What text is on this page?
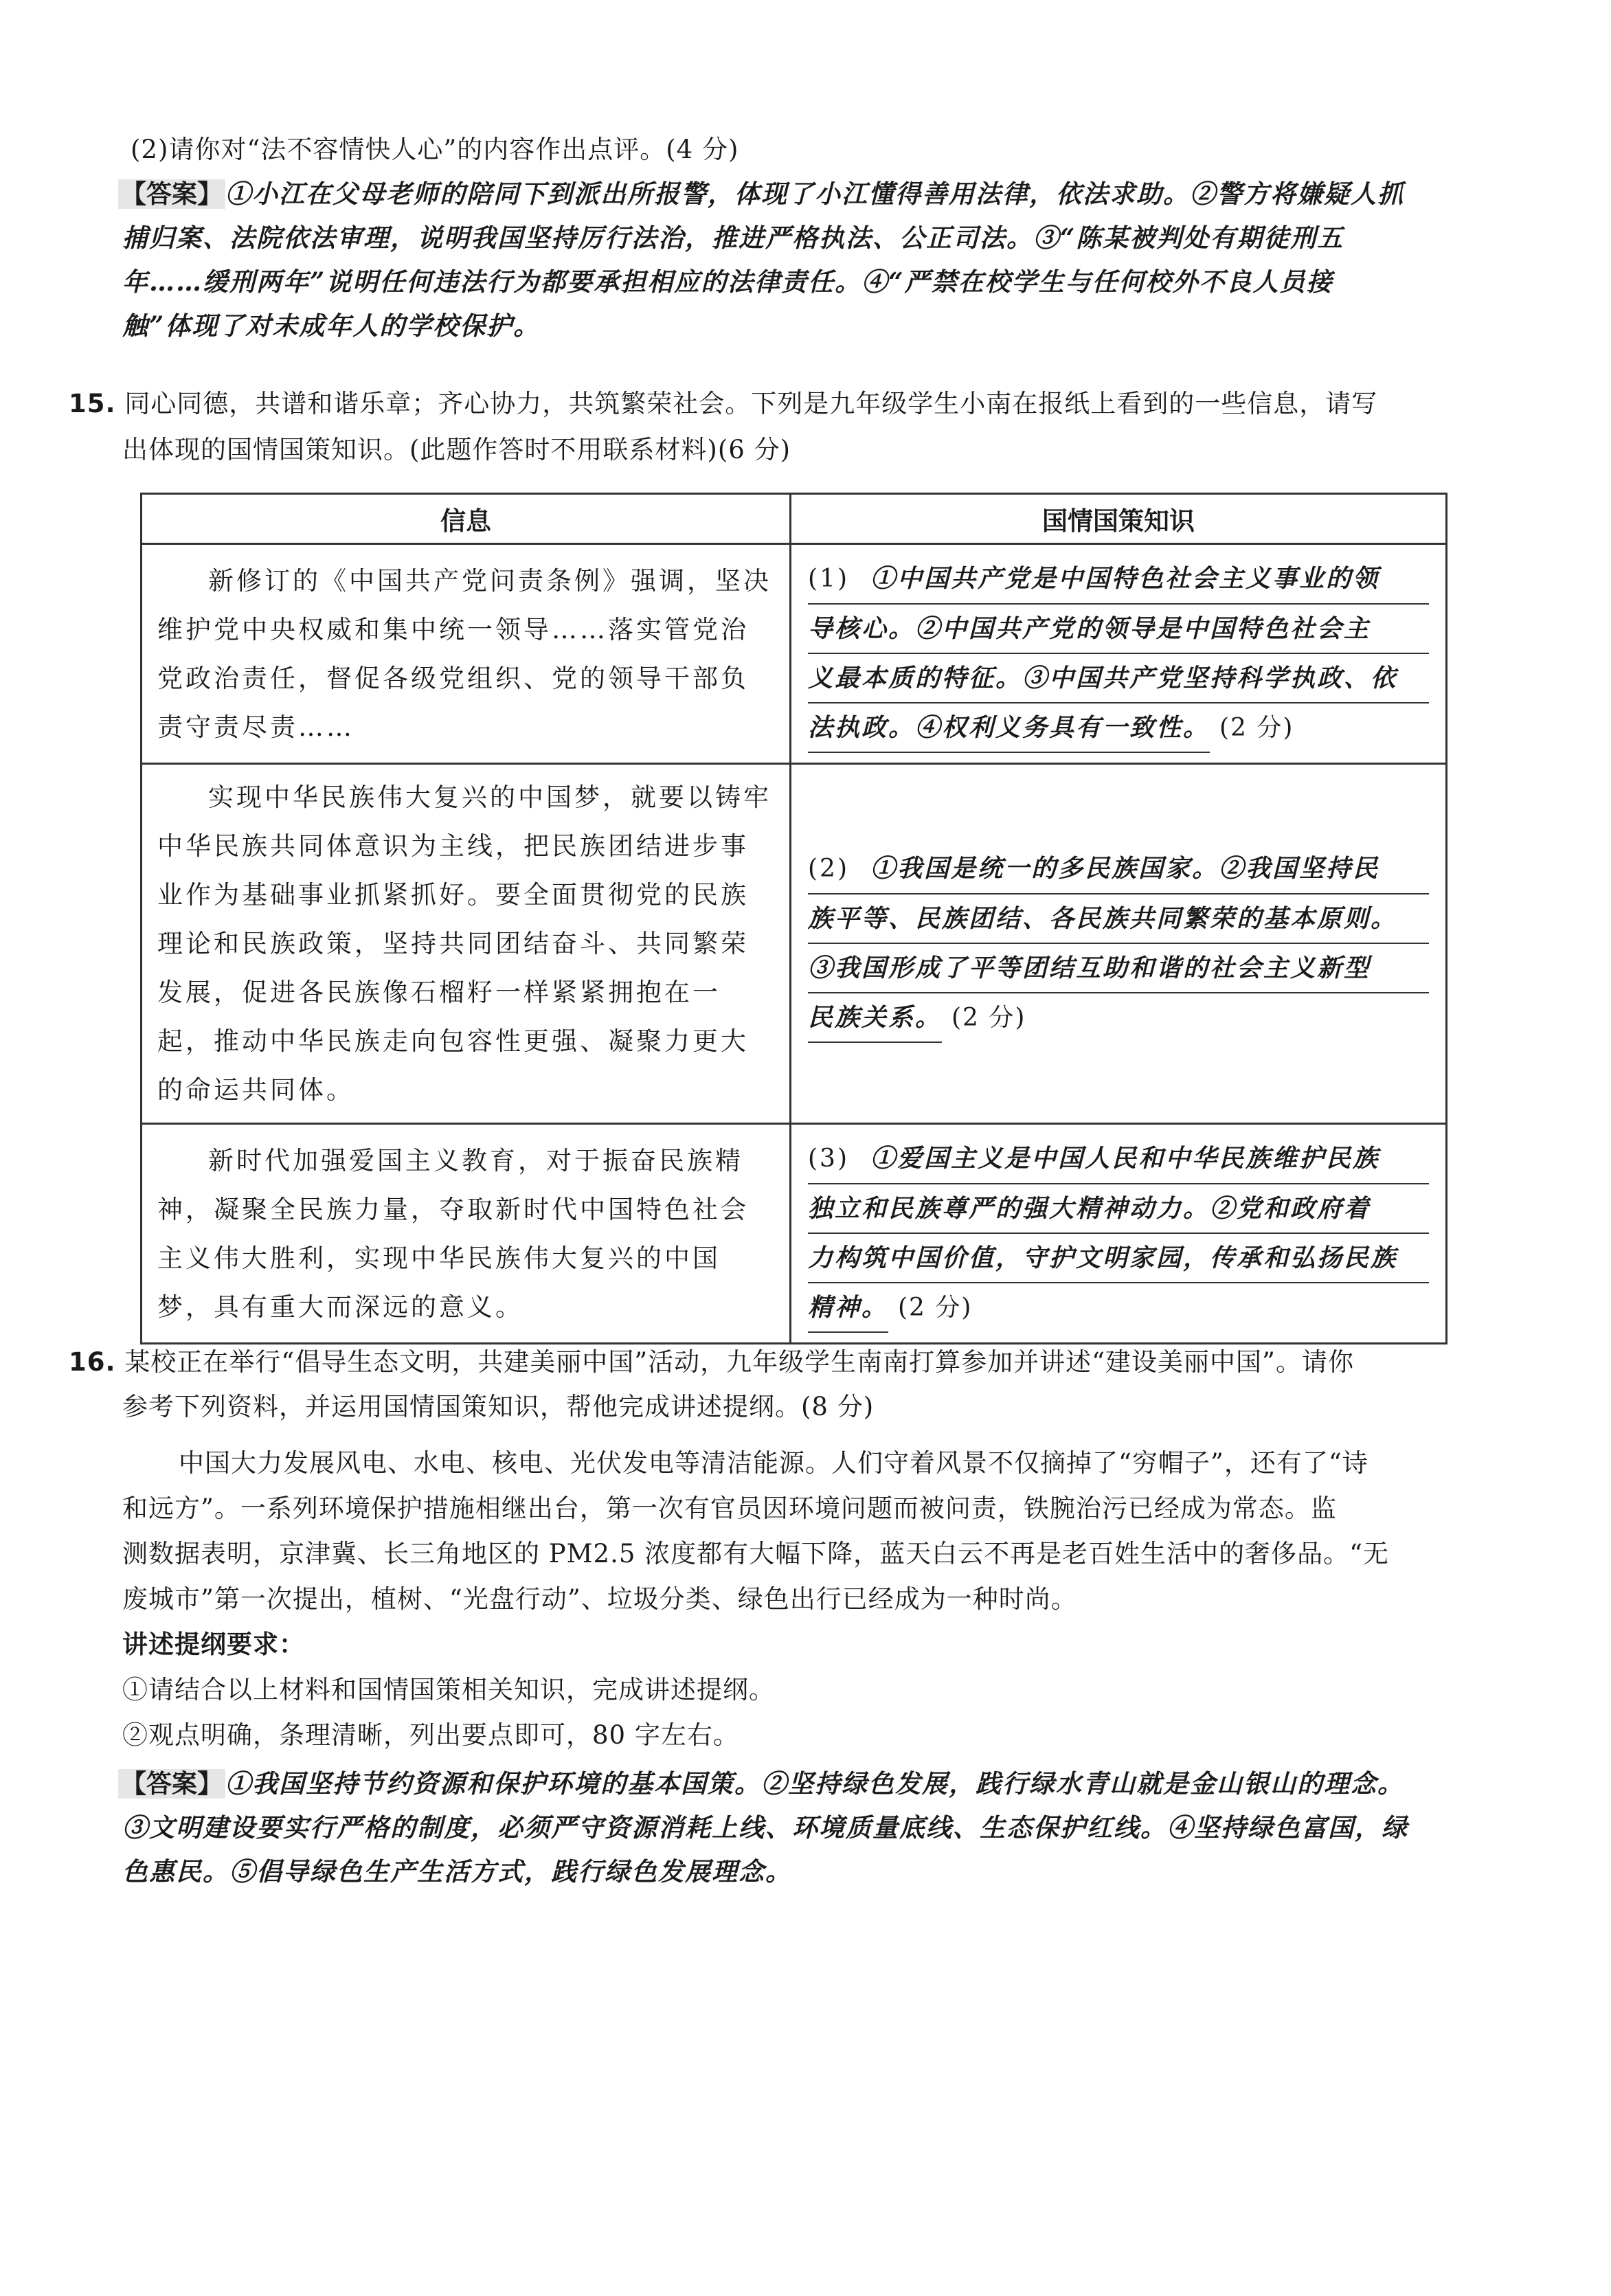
(2)请你对“法不容情快人心”的内容作出点评。(4 分)
【答案】 ①小江在父母老师的陪同下到派出所报警，体现了小江懂得善用法律，依法求助。②警方将嫌疑人抓
捕归案、法院依法审理，说明我国坚持厉行法治，推进严格执法、公正司法。③“陈某被判处有期徒刑五
年……缓刑两年”说明任何违法行为都要承担相应的法律责任。④“严禁在校学生与任何校外不良人员接
触”体现了对未成年人的学校保护。
15. 同心同德，共谱和谐乐章；齐心协力，共筑繁荣社会。下列是九年级学生小南在报纸上看到的一些信息，请写
出体现的国情国策知识。(此题作答时不用联系材料)(6 分)
信息	国情国策知识

新修订的《中国共产党问责条例》强调，坚决维护党中央权威和集中统一领导……落实管党治党政治责任，督促各级党组织、党的领导干部负责守责尽责……	(1) ①中国共产党是中国特色社会主义事业的领
导核心。②中国共产党的领导是中国特色社会主
义最本质的特征。③中国共产党坚持科学执政、依
法执政。④权利义务具有一致性。 (2 分)

实现中华民族伟大复兴的中国梦，就要以铸牢中华民族共同体意识为主线，把民族团结进步事业作为基础事业抓紧抓好。要全面贯彻党的民族理论和民族政策，坚持共同团结奋斗、共同繁荣发展，促进各民族像石榴籽一样紧紧拥抱在一起，推动中华民族走向包容性更强、凝聚力更大的命运共同体。	(2) ①我国是统一的多民族国家。②我国坚持民
族平等、民族团结、各民族共同繁荣的基本原则。
③我国形成了平等团结互助和谐的社会主义新型
民族关系。 (2 分)

新时代加强爱国主义教育，对于振奋民族精神，凝聚全民族力量，夺取新时代中国特色社会主义伟大胜利，实现中华民族伟大复兴的中国梦，具有重大而深远的意义。	(3) ①爱国主义是中国人民和中华民族维护民族
独立和民族尊严的强大精神动力。②党和政府着
力构筑中国价值，守护文明家园，传承和弘扬民族
精神。 (2 分)
16. 某校正在举行“倡导生态文明，共建美丽中国”活动，九年级学生南南打算参加并讲述“建设美丽中国”。请你
参考下列资料，并运用国情国策知识，帮他完成讲述提纲。(8 分)
中国大力发展风电、水电、核电、光伏发电等清洁能源。人们守着风景不仅摘掉了“穷帽子”，还有了“诗
和远方”。一系列环境保护措施相继出台，第一次有官员因环境问题而被问责，铁腕治污已经成为常态。监
测数据表明，京津冀、长三角地区的 PM2.5 浓度都有大幅下降，蓝天白云不再是老百姓生活中的奢侈品。“无
废城市”第一次提出，植树、“光盘行动”、垃圾分类、绿色出行已经成为一种时尚。
讲述提纲要求：
①请结合以上材料和国情国策相关知识，完成讲述提纲。
②观点明确，条理清晰，列出要点即可，80 字左右。
【答案】 ①我国坚持节约资源和保护环境的基本国策。②坚持绿色发展，践行绿水青山就是金山银山的理念。
③文明建设要实行严格的制度，必须严守资源消耗上线、环境质量底线、生态保护红线。④坚持绿色富国，绿
色惠民。⑤倡导绿色生产生活方式，践行绿色发展理念。
